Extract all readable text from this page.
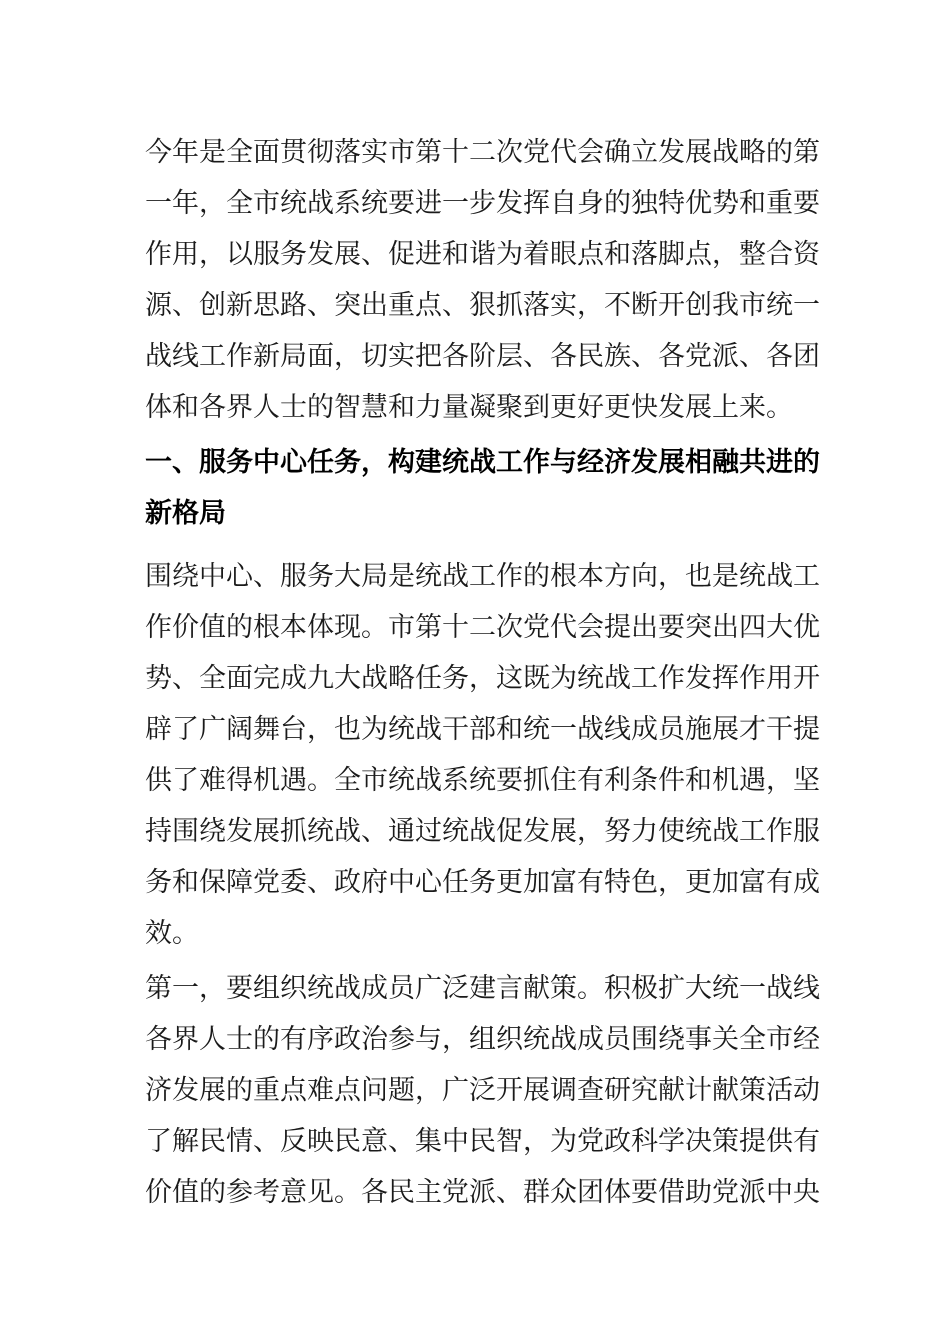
今年是全面贯彻落实市第十二次党代会确立发展战略的第
一年，全市统战系统要进一步发挥自身的独特优势和重要
作用，以服务发展、促进和谐为着眼点和落脚点，整合资
源、创新思路、突出重点、狠抓落实，不断开创我市统一
战线工作新局面，切实把各阶层、各民族、各党派、各团
体和各界人士的智慧和力量凝聚到更好更快发展上来。
一、服务中心任务，构建统战工作与经济发展相融共进的
新格局
围绕中心、服务大局是统战工作的根本方向，也是统战工
作价值的根本体现。市第十二次党代会提出要突出四大优
势、全面完成九大战略任务，这既为统战工作发挥作用开
辟了广阔舞台，也为统战干部和统一战线成员施展才干提
供了难得机遇。全市统战系统要抓住有利条件和机遇，坚
持围绕发展抓统战、通过统战促发展，努力使统战工作服
务和保障党委、政府中心任务更加富有特色，更加富有成
效。
第一，要组织统战成员广泛建言献策。积极扩大统一战线
各界人士的有序政治参与，组织统战成员围绕事关全市经
济发展的重点难点问题，广泛开展调查研究献计献策活动
了解民情、反映民意、集中民智，为党政科学决策提供有
价值的参考意见。各民主党派、群众团体要借助党派中央
